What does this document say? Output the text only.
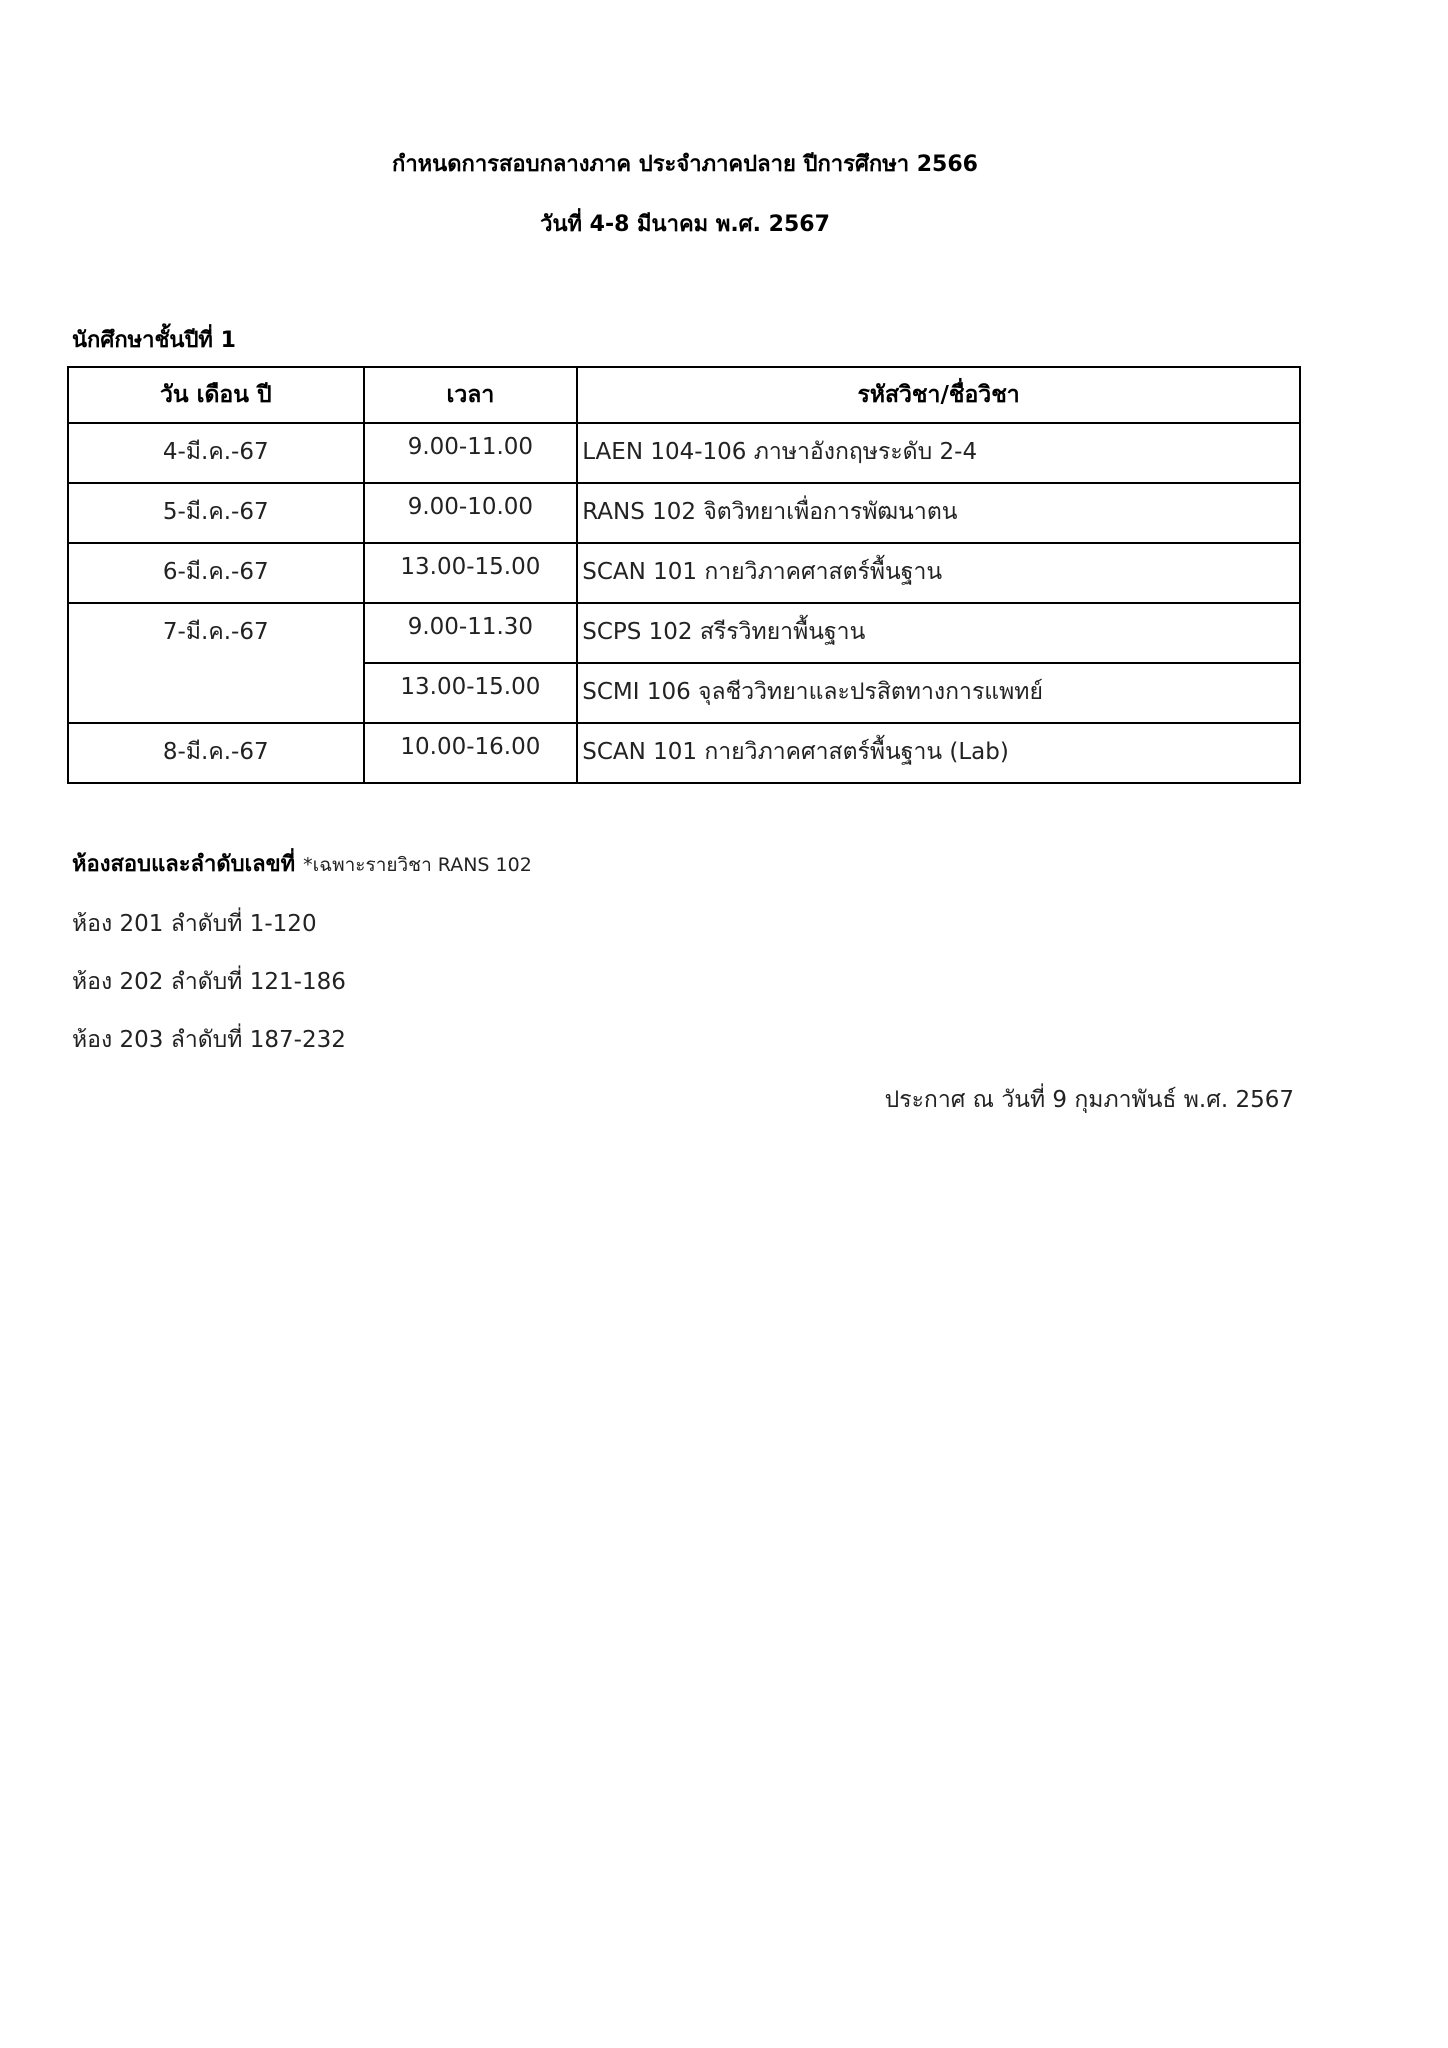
กำหนดการสอบกลางภาค ประจำภาคปลาย ปีการศึกษา 2566
วันที่ 4-8 มีนาคม พ.ศ. 2567
นักศึกษาชั้นปีที่ 1
วัน เดือน ปี	เวลา	รหัสวิชา/ชื่อวิชา
4-มี.ค.-67	9.00-11.00	LAEN 104-106 ภาษาอังกฤษระดับ 2-4
5-มี.ค.-67	9.00-10.00	RANS 102 จิตวิทยาเพื่อการพัฒนาตน
6-มี.ค.-67	13.00-15.00	SCAN 101 กายวิภาคศาสตร์พื้นฐาน
7-มี.ค.-67	9.00-11.30	SCPS 102 สรีรวิทยาพื้นฐาน
	13.00-15.00	SCMI 106 จุลชีววิทยาและปรสิตทางการแพทย์
8-มี.ค.-67	10.00-16.00	SCAN 101 กายวิภาคศาสตร์พื้นฐาน (Lab)
ห้องสอบและลำดับเลขที่ *เฉพาะรายวิชา RANS 102
ห้อง 201 ลำดับที่ 1-120
ห้อง 202 ลำดับที่ 121-186
ห้อง 203 ลำดับที่ 187-232
ประกาศ ณ วันที่ 9 กุมภาพันธ์ พ.ศ. 2567
